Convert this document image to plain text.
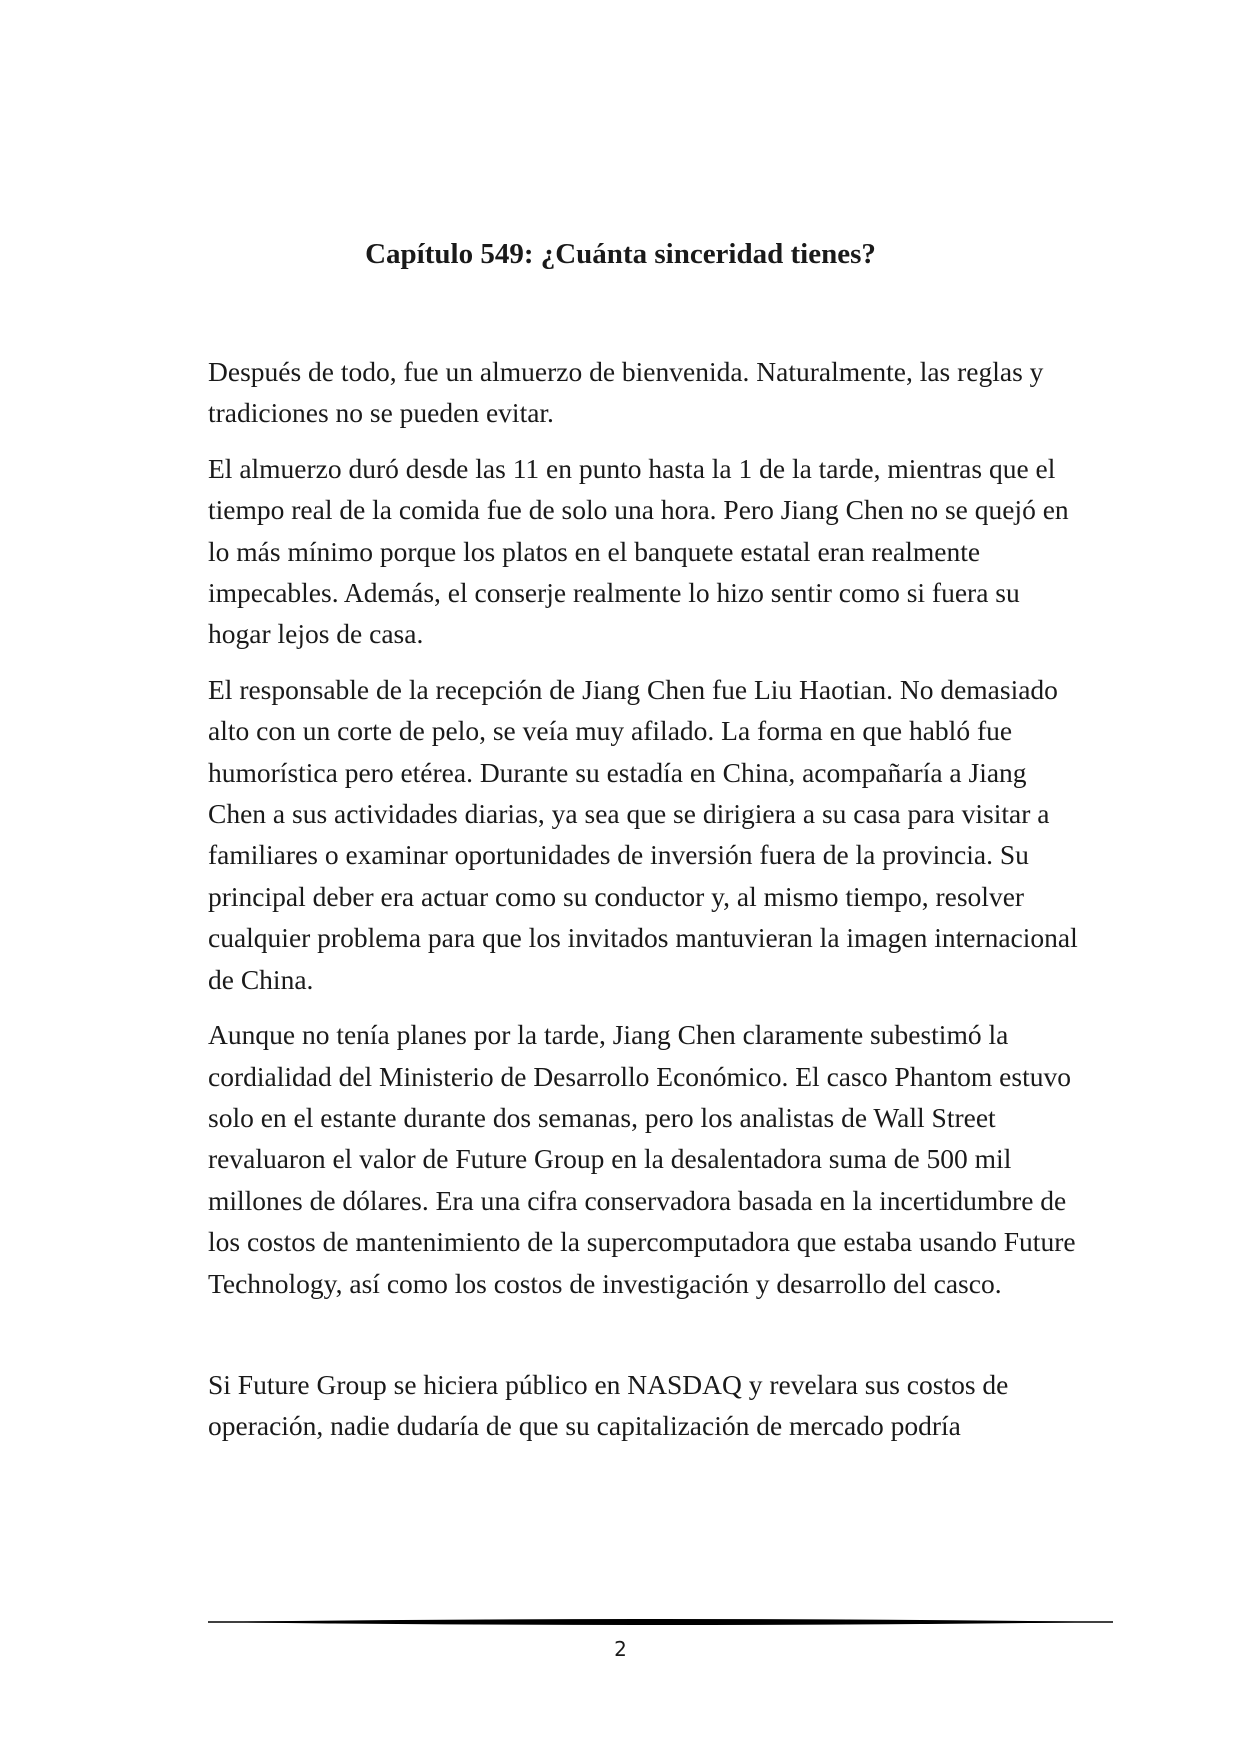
Capítulo 549: ¿Cuánta sinceridad tienes?

Después de todo, fue un almuerzo de bienvenida. Naturalmente, las reglas y tradiciones no se pueden evitar.

El almuerzo duró desde las 11 en punto hasta la 1 de la tarde, mientras que el tiempo real de la comida fue de solo una hora. Pero Jiang Chen no se quejó en lo más mínimo porque los platos en el banquete estatal eran realmente impecables. Además, el conserje realmente lo hizo sentir como si fuera su hogar lejos de casa.

El responsable de la recepción de Jiang Chen fue Liu Haotian. No demasiado alto con un corte de pelo, se veía muy afilado. La forma en que habló fue humorística pero etérea. Durante su estadía en China, acompañaría a Jiang Chen a sus actividades diarias, ya sea que se dirigiera a su casa para visitar a familiares o examinar oportunidades de inversión fuera de la provincia. Su principal deber era actuar como su conductor y, al mismo tiempo, resolver cualquier problema para que los invitados mantuvieran la imagen internacional de China.

Aunque no tenía planes por la tarde, Jiang Chen claramente subestimó la cordialidad del Ministerio de Desarrollo Económico. El casco Phantom estuvo solo en el estante durante dos semanas, pero los analistas de Wall Street revaluaron el valor de Future Group en la desalentadora suma de 500 mil millones de dólares. Era una cifra conservadora basada en la incertidumbre de los costos de mantenimiento de la supercomputadora que estaba usando Future Technology, así como los costos de investigación y desarrollo del casco.

Si Future Group se hiciera público en NASDAQ y revelara sus costos de operación, nadie dudaría de que su capitalización de mercado podría

2
